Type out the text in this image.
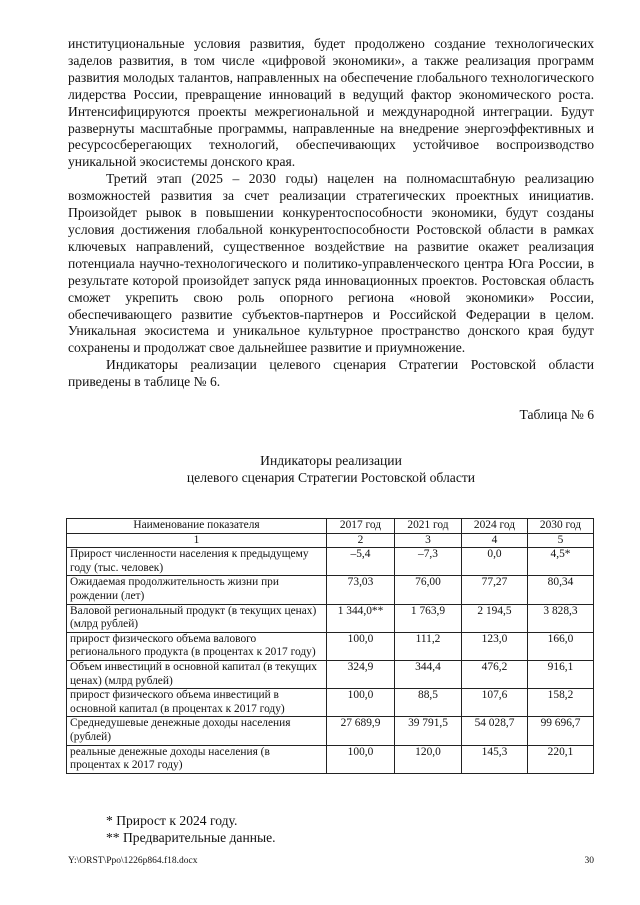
институциональные условия развития, будет продолжено создание технологических заделов развития, в том числе «цифровой экономики», а также реализация программ развития молодых талантов, направленных на обеспечение глобального технологического лидерства России, превращение инноваций в ведущий фактор экономического роста. Интенсифицируются проекты межрегиональной и международной интеграции. Будут развернуты масштабные программы, направленные на внедрение энергоэффективных и ресурсосберегающих технологий, обеспечивающих устойчивое воспроизводство уникальной экосистемы донского края.

Третий этап (2025 – 2030 годы) нацелен на полномасштабную реализацию возможностей развития за счет реализации стратегических проектных инициатив. Произойдет рывок в повышении конкурентоспособности экономики, будут созданы условия достижения глобальной конкурентоспособности Ростовской области в рамках ключевых направлений, существенное воздействие на развитие окажет реализация потенциала научно-технологического и политико-управленческого центра Юга России, в результате которой произойдет запуск ряда инновационных проектов. Ростовская область сможет укрепить свою роль опорного региона «новой экономики» России, обеспечивающего развитие субъектов-партнеров и Российской Федерации в целом. Уникальная экосистема и уникальное культурное пространство донского края будут сохранены и продолжат свое дальнейшее развитие и приумножение.

Индикаторы реализации целевого сценария Стратегии Ростовской области приведены в таблице № 6.

Таблица № 6
Индикаторы реализации
целевого сценария Стратегии Ростовской области
Наименование показателя	2017 год	2021 год	2024 год	2030 год
1	2	3	4	5
Прирост численности населения к предыдущему году (тыс. человек)	–5,4	–7,3	0,0	4,5*
Ожидаемая продолжительность жизни при рождении (лет)	73,03	76,00	77,27	80,34
Валовой региональный продукт (в текущих ценах) (млрд рублей)	1 344,0**	1 763,9	2 194,5	3 828,3
прирост физического объема валового регионального продукта (в процентах к 2017 году)	100,0	111,2	123,0	166,0
Объем инвестиций в основной капитал (в текущих ценах) (млрд рублей)	324,9	344,4	476,2	916,1
прирост физического объема инвестиций в основной капитал (в процентах к 2017 году)	100,0	88,5	107,6	158,2
Среднедушевые денежные доходы населения (рублей)	27 689,9	39 791,5	54 028,7	99 696,7
реальные денежные доходы населения (в процентах к 2017 году)	100,0	120,0	145,3	220,1
* Прирост к 2024 году.
** Предварительные данные.
Y:\ORST\Ppo\1226p864.f18.docx	30
